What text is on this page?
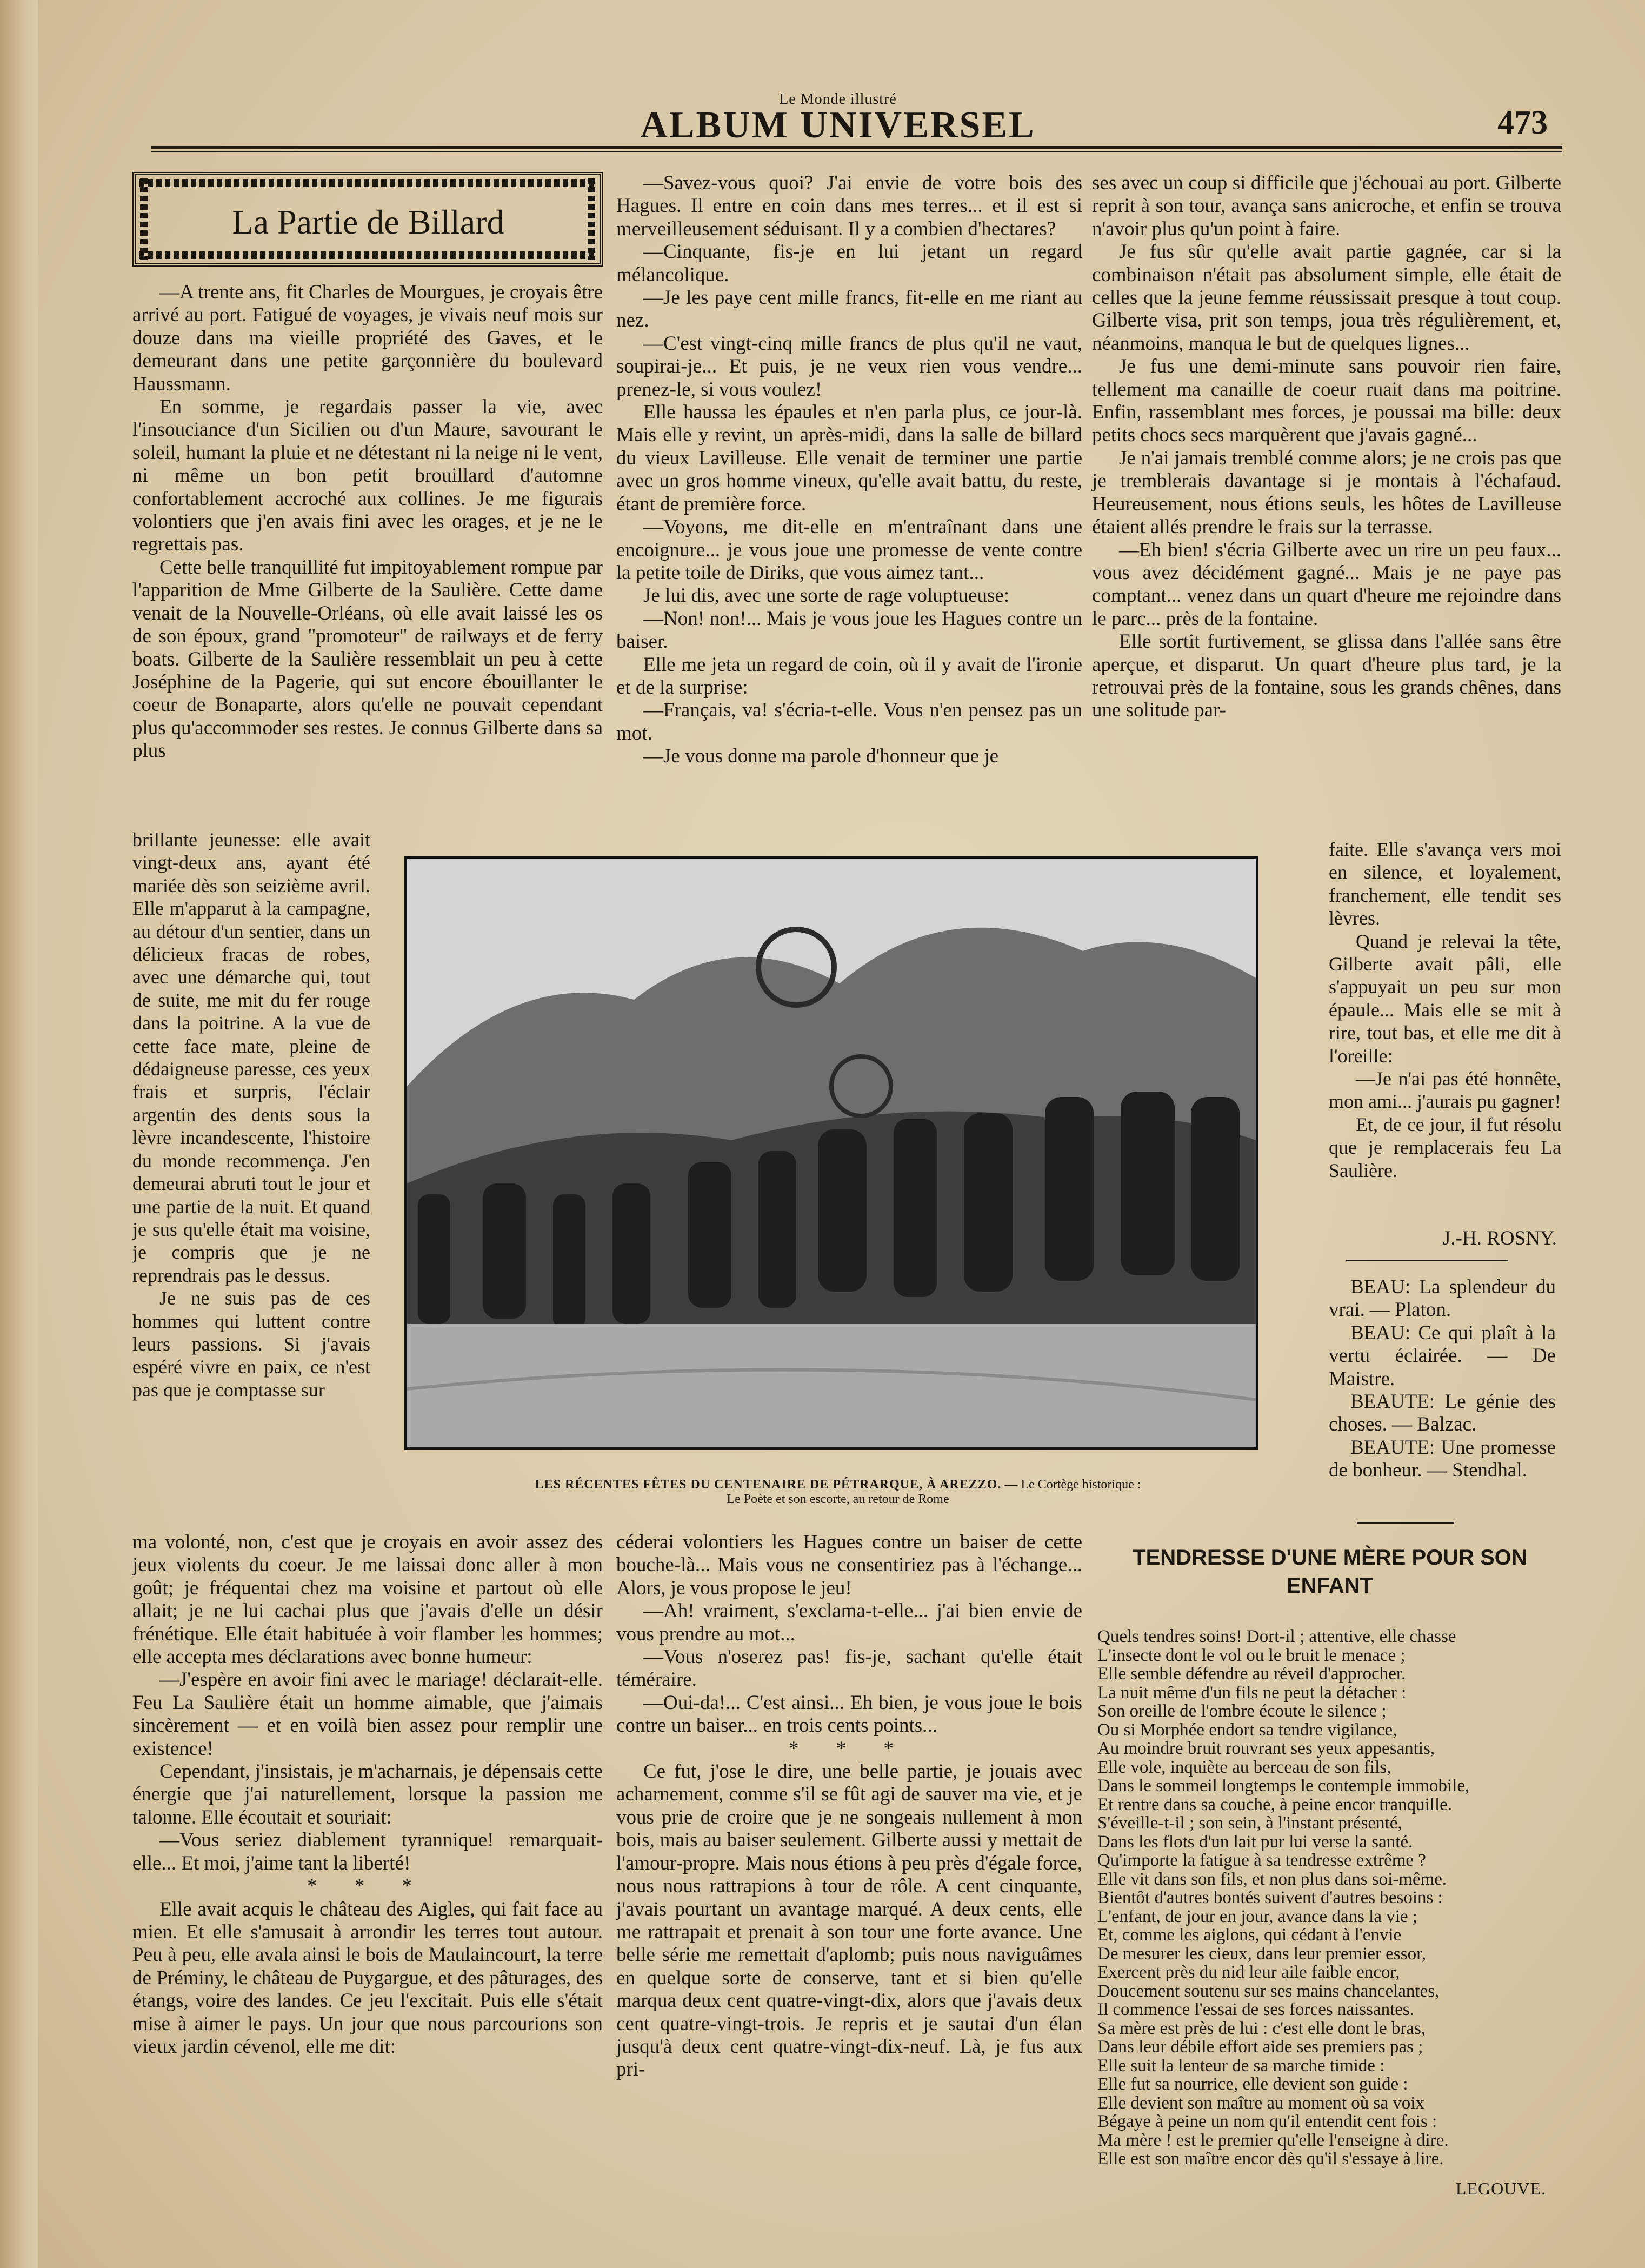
Le Monde illustré
ALBUM UNIVERSEL	473
La Partie de Billard

—A trente ans, fit Charles de Mourgues, je croyais être arrivé au port. Fatigué de voyages, je vivais neuf mois sur douze dans ma vieille propriété des Gaves, et le demeurant dans une petite garçonnière du boulevard Haussmann.

En somme, je regardais passer la vie, avec l'insouciance d'un Sicilien ou d'un Maure, savourant le soleil, humant la pluie et ne détestant ni la neige ni le vent, ni même un bon petit brouillard d'automne confortablement accroché aux collines. Je me figurais volontiers que j'en avais fini avec les orages, et je ne le regrettais pas.

Cette belle tranquillité fut impitoyablement rompue par l'apparition de Mme Gilberte de la Saulière. Cette dame venait de la Nouvelle-Orléans, où elle avait laissé les os de son époux, grand "promoteur" de railways et de ferry boats. Gilberte de la Saulière ressemblait un peu à cette Joséphine de la Pagerie, qui sut encore ébouillanter le coeur de Bonaparte, alors qu'elle ne pouvait cependant plus qu'accommoder ses restes. Je connus Gilberte dans sa plus

brillante jeunesse: elle avait vingt-deux ans, ayant été mariée dès son seizième avril. Elle m'apparut à la campagne, au détour d'un sentier, dans un délicieux fracas de robes, avec une démarche qui, tout de suite, me mit du fer rouge dans la poitrine. A la vue de cette face mate, pleine de dédaigneuse paresse, ces yeux frais et surpris, l'éclair argentin des dents sous la lèvre incandescente, l'histoire du monde recommença. J'en demeurai abruti tout le jour et une partie de la nuit. Et quand je sus qu'elle était ma voisine, je compris que je ne reprendrais pas le dessus.

Je ne suis pas de ces hommes qui luttent contre leurs passions. Si j'avais espéré vivre en paix, ce n'est pas que je comptasse sur

ma volonté, non, c'est que je croyais en avoir assez des jeux violents du coeur. Je me laissai donc aller à mon goût; je fréquentai chez ma voisine et partout où elle allait; je ne lui cachai plus que j'avais d'elle un désir frénétique. Elle était habituée à voir flamber les hommes; elle accepta mes déclarations avec bonne humeur:

—J'espère en avoir fini avec le mariage! déclarait-elle. Feu La Saulière était un homme aimable, que j'aimais sincèrement — et en voilà bien assez pour remplir une existence!

Cependant, j'insistais, je m'acharnais, je dépensais cette énergie que j'ai naturellement, lorsque la passion me talonne. Elle écoutait et souriait:

—Vous seriez diablement tyrannique! remarquait-elle... Et moi, j'aime tant la liberté!

* * *

Elle avait acquis le château des Aigles, qui fait face au mien. Et elle s'amusait à arrondir les terres tout autour. Peu à peu, elle avala ainsi le bois de Maulaincourt, la terre de Préminy, le château de Puygargue, et des pâturages, des étangs, voire des landes. Ce jeu l'excitait. Puis elle s'était mise à aimer le pays. Un jour que nous parcourions son vieux jardin cévenol, elle me dit:

—Savez-vous quoi? J'ai envie de votre bois des Hagues. Il entre en coin dans mes terres... et il est si merveilleusement séduisant. Il y a combien d'hectares?

—Cinquante, fis-je en lui jetant un regard mélancolique.

—Je les paye cent mille francs, fit-elle en me riant au nez.

—C'est vingt-cinq mille francs de plus qu'il ne vaut, soupirai-je... Et puis, je ne veux rien vous vendre... prenez-le, si vous voulez!

Elle haussa les épaules et n'en parla plus, ce jour-là. Mais elle y revint, un après-midi, dans la salle de billard du vieux Lavilleuse. Elle venait de terminer une partie avec un gros homme vineux, qu'elle avait battu, du reste, étant de première force.

—Voyons, me dit-elle en m'entraînant dans une encoignure... je vous joue une promesse de vente contre la petite toile de Diriks, que vous aimez tant...

Je lui dis, avec une sorte de rage voluptueuse:

—Non! non!... Mais je vous joue les Hagues contre un baiser.

Elle me jeta un regard de coin, où il y avait de l'ironie et de la surprise:

—Français, va! s'écria-t-elle. Vous n'en pensez pas un mot.

—Je vous donne ma parole d'honneur que je

LES RÉCENTES FÊTES DU CENTENAIRE DE PÉTRARQUE, À AREZZO. — Le Cortège historique :
Le Poète et son escorte, au retour de Rome

céderai volontiers les Hagues contre un baiser de cette bouche-là... Mais vous ne consentiriez pas à l'échange... Alors, je vous propose le jeu!

—Ah! vraiment, s'exclama-t-elle... j'ai bien envie de vous prendre au mot...

—Vous n'oserez pas! fis-je, sachant qu'elle était téméraire.

—Oui-da!... C'est ainsi... Eh bien, je vous joue le bois contre un baiser... en trois cents points...

* * *

Ce fut, j'ose le dire, une belle partie, je jouais avec acharnement, comme s'il se fût agi de sauver ma vie, et je vous prie de croire que je ne songeais nullement à mon bois, mais au baiser seulement. Gilberte aussi y mettait de l'amour-propre. Mais nous étions à peu près d'égale force, nous nous rattrapions à tour de rôle. A cent cinquante, j'avais pourtant un avantage marqué. A deux cents, elle me rattrapait et prenait à son tour une forte avance. Une belle série me remettait d'aplomb; puis nous naviguâmes en quelque sorte de conserve, tant et si bien qu'elle marqua deux cent quatre-vingt-dix, alors que j'avais deux cent quatre-vingt-trois. Je repris et je sautai d'un élan jusqu'à deux cent quatre-vingt-dix-neuf. Là, je fus aux pri-

ses avec un coup si difficile que j'échouai au port. Gilberte reprit à son tour, avança sans anicroche, et enfin se trouva n'avoir plus qu'un point à faire.

Je fus sûr qu'elle avait partie gagnée, car si la combinaison n'était pas absolument simple, elle était de celles que la jeune femme réussissait presque à tout coup. Gilberte visa, prit son temps, joua très régulièrement, et, néanmoins, manqua le but de quelques lignes...

Je fus une demi-minute sans pouvoir rien faire, tellement ma canaille de coeur ruait dans ma poitrine. Enfin, rassemblant mes forces, je poussai ma bille: deux petits chocs secs marquèrent que j'avais gagné...

Je n'ai jamais tremblé comme alors; je ne crois pas que je tremblerais davantage si je montais à l'échafaud. Heureusement, nous étions seuls, les hôtes de Lavilleuse étaient allés prendre le frais sur la terrasse.

—Eh bien! s'écria Gilberte avec un rire un peu faux... vous avez décidément gagné... Mais je ne paye pas comptant... venez dans un quart d'heure me rejoindre dans le parc... près de la fontaine.

Elle sortit furtivement, se glissa dans l'allée sans être aperçue, et disparut. Un quart d'heure plus tard, je la retrouvai près de la fontaine, sous les grands chênes, dans une solitude par-

faite. Elle s'avança vers moi en silence, et loyalement, franchement, elle tendit ses lèvres.

Quand je relevai la tête, Gilberte avait pâli, elle s'appuyait un peu sur mon épaule... Mais elle se mit à rire, tout bas, et elle me dit à l'oreille:

—Je n'ai pas été honnête, mon ami... j'aurais pu gagner!

Et, de ce jour, il fut résolu que je remplacerais feu La Saulière.

J.-H. ROSNY.

BEAU: La splendeur du vrai. — Platon.

BEAU: Ce qui plaît à la vertu éclairée. — De Maistre.

BEAUTE: Le génie des choses. — Balzac.

BEAUTE: Une promesse de bonheur. — Stendhal.

TENDRESSE D'UNE MÈRE POUR SON ENFANT
Quels tendres soins! Dort-il ; attentive, elle chasse
L'insecte dont le vol ou le bruit le menace ;
Elle semble défendre au réveil d'approcher.
La nuit même d'un fils ne peut la détacher :
Son oreille de l'ombre écoute le silence ;
Ou si Morphée endort sa tendre vigilance,
Au moindre bruit rouvrant ses yeux appesantis,
Elle vole, inquiète au berceau de son fils,
Dans le sommeil longtemps le contemple immobile,
Et rentre dans sa couche, à peine encor tranquille.
S'éveille-t-il ; son sein, à l'instant présenté,
Dans les flots d'un lait pur lui verse la santé.
Qu'importe la fatigue à sa tendresse extrême ?
Elle vit dans son fils, et non plus dans soi-même.
Bientôt d'autres bontés suivent d'autres besoins :
L'enfant, de jour en jour, avance dans la vie ;
Et, comme les aiglons, qui cédant à l'envie
De mesurer les cieux, dans leur premier essor,
Exercent près du nid leur aile faible encor,
Doucement soutenu sur ses mains chancelantes,
Il commence l'essai de ses forces naissantes.
Sa mère est près de lui : c'est elle dont le bras,
Dans leur débile effort aide ses premiers pas ;
Elle suit la lenteur de sa marche timide :
Elle fut sa nourrice, elle devient son guide :
Elle devient son maître au moment où sa voix
Bégaye à peine un nom qu'il entendit cent fois :
Ma mère ! est le premier qu'elle l'enseigne à dire.
Elle est son maître encor dès qu'il s'essaye à lire.
LEGOUVE.
